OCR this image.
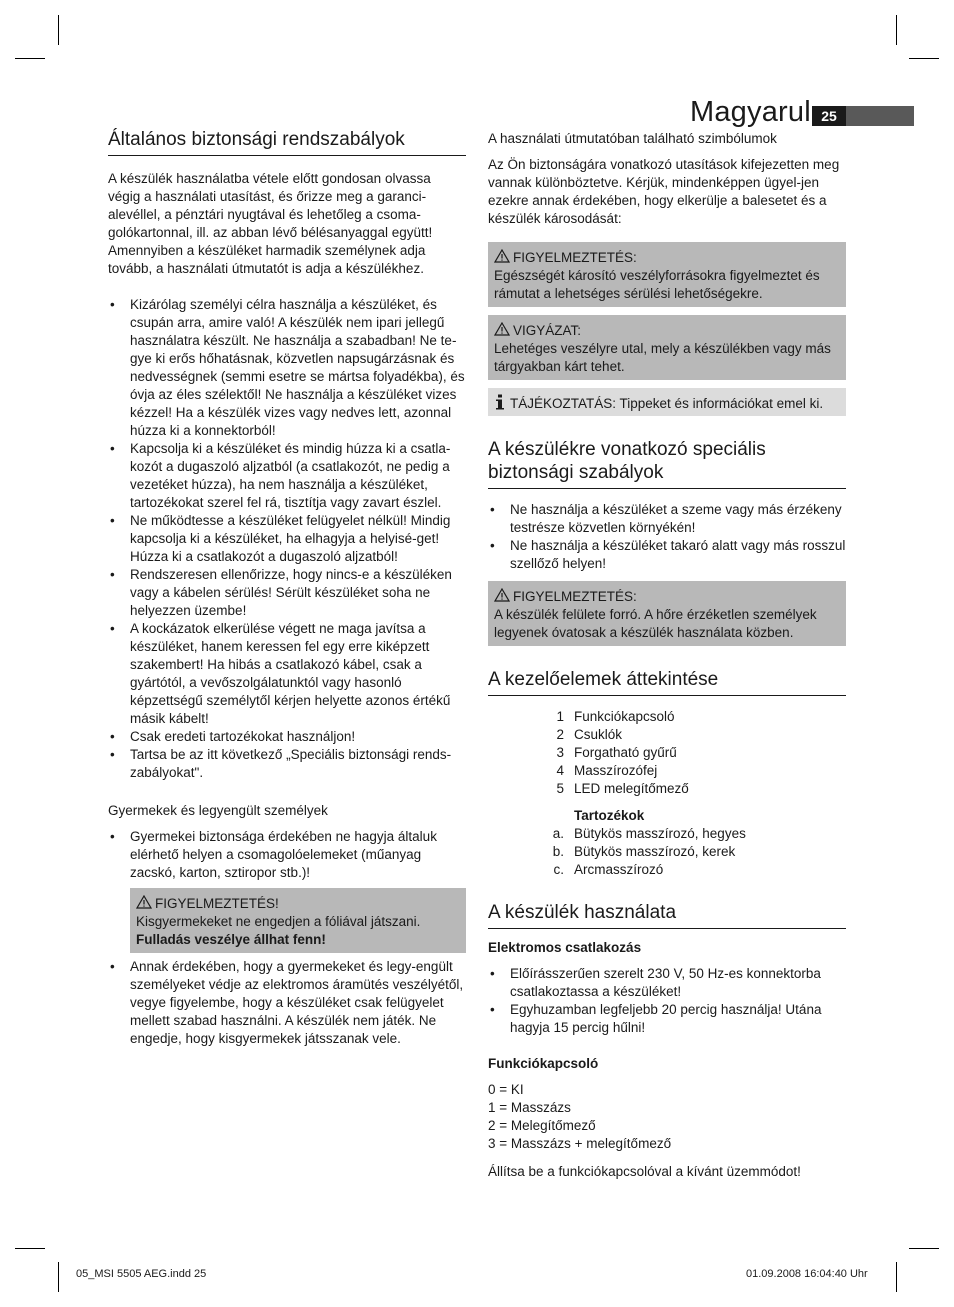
Magyarul 25
Általános biztonsági rendszabályok

A készülék használatba vétele előtt gondosan olvassa végig a használati utasítást, és őrizze meg a garanci-alevéllel, a pénztári nyugtával és lehetőleg a csoma-golókartonnal, ill. az abban lévő bélésanyaggal együtt! Amennyiben a készüléket harmadik személynek adja tovább, a használati útmutatót is adja a készülékhez.

• Kizárólag személyi célra használja a készüléket, és csupán arra, amire való! A készülék nem ipari jellegű használatra készült. Ne használja a szabadban! Ne te-gye ki erős hőhatásnak, közvetlen napsugárzásnak és nedvességnek (semmi esetre se mártsa folyadékba), és óvja az éles szélektől! Ne használja a készüléket vizes kézzel! Ha a készülék vizes vagy nedves lett, azonnal húzza ki a konnektorból!
• Kapcsolja ki a készüléket és mindig húzza ki a csatla-kozót a dugaszoló aljzatból (a csatlakozót, ne pedig a vezetéket húzza), ha nem használja a készüléket, tartozékokat szerel fel rá, tisztítja vagy zavart észlel.
• Ne működtesse a készüléket felügyelet nélkül! Mindig kapcsolja ki a készüléket, ha elhagyja a helyisé-get! Húzza ki a csatlakozót a dugaszoló aljzatból!
• Rendszeresen ellenőrizze, hogy nincs-e a készüléken vagy a kábelen sérülés! Sérült készüléket soha ne helyezzen üzembe!
• A kockázatok elkerülése végett ne maga javítsa a készüléket, hanem keressen fel egy erre kiképzett szakembert! Ha hibás a csatlakozó kábel, csak a gyártótól, a vevőszolgálatunktól vagy hasonló képzettségű személytől kérjen helyette azonos értékű másik kábelt!
• Csak eredeti tartozékokat használjon!
• Tartsa be az itt következő „Speciális biztonsági rends-zabályokat".
Gyermekek és legyengült személyek
• Gyermekei biztonsága érdekében ne hagyja általuk elérhető helyen a csomagolóelemeket (műanyag zacskó, karton, sztiropor stb.)!
FIGYELMEZTETÉS!

Kisgyermekeket ne engedjen a fóliával játszani.

Fulladás veszélye állhat fenn!

• Annak érdekében, hogy a gyermekeket és legy-engült személyeket védje az elektromos áramütés veszélyétől, vegye figyelembe, hogy a készüléket csak felügyelet mellett szabad használni. A készülék nem játék. Ne engedje, hogy kisgyermekek játsszanak vele.
A használati útmutatóban található szimbólumok

Az Ön biztonságára vonatkozó utasítások kifejezetten meg vannak különböztetve. Kérjük, mindenképpen ügyel-jen ezekre annak érdekében, hogy elkerülje a balesetet és a készülék károsodását:

FIGYELMEZTETÉS:

Egészségét károsító veszélyforrásokra figyelmeztet és rámutat a lehetséges sérülési lehetőségekre.

VIGYÁZAT:

Lehetéges veszélyre utal, mely a készülékben vagy más tárgyakban kárt tehet.

TÁJÉKOZTATÁS: Tippeket és információkat emel ki.
A készülékre vonatkozó speciális biztonsági szabályok
• Ne használja a készüléket a szeme vagy más érzékeny testrésze közvetlen környékén!
• Ne használja a készüléket takaró alatt vagy más rosszul szellőző helyen!
FIGYELMEZTETÉS:

A készülék felülete forró. A hőre érzéketlen személyek legyenek óvatosak a készülék használata közben.

A kezelőelemek áttekintése
1 Funkciókapcsoló
2 Csuklók
3 Forgatható gyűrű
4 Masszírozófej
5 LED melegítőmező
Tartozékok
a. Bütykös masszírozó, hegyes
b. Bütykös masszírozó, kerek
c. Arcmasszírozó
A készülék használata
Elektromos csatlakozás
• Előírásszerűen szerelt 230 V, 50 Hz-es konnektorba csatlakoztassa a készüléket!
• Egyhuzamban legfeljebb 20 percig használja! Utána hagyja 15 percig hűlni!
Funkciókapcsoló

0 = KI

1 = Masszázs

2 = Melegítőmező

3 = Masszázs + melegítőmező

Állítsa be a funkciókapcsolóval a kívánt üzemmódot!

05_MSI 5505 AEG.indd 25	01.09.2008 16:04:40 Uhr
